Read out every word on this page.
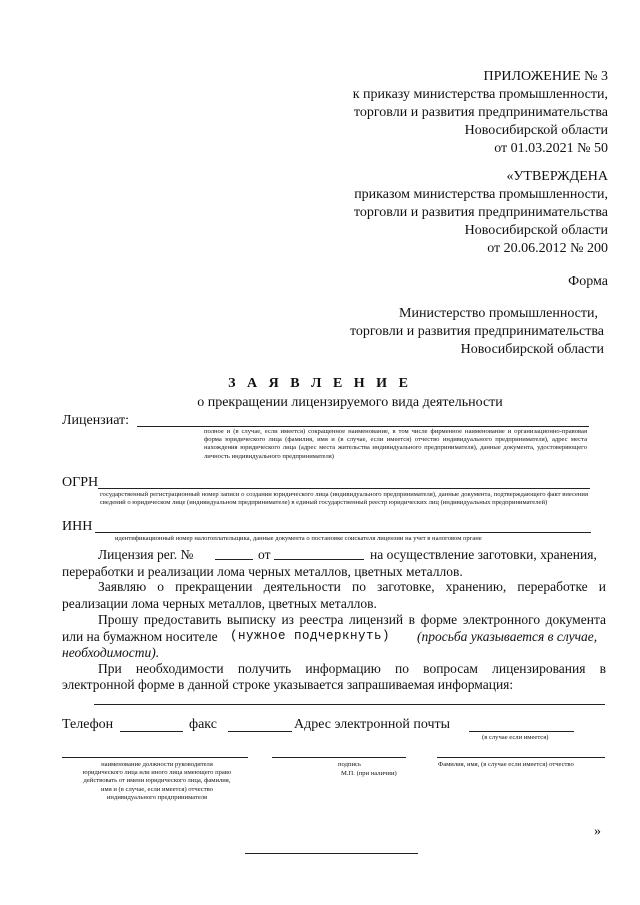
ПРИЛОЖЕНИЕ № 3
к приказу министерства промышленности,
торговли и развития предпринимательства
Новосибирской области
от 01.03.2021 № 50
«УТВЕРЖДЕНА
приказом министерства промышленности,
торговли и развития предпринимательства
Новосибирской области
от 20.06.2012 № 200
Форма
Министерство промышленности,
торговли и развития предпринимательства
Новосибирской области
З А Я В Л Е Н И Е
о прекращении лицензируемого вида деятельности
Лицензиат:
полное и (в случае, если имеется) сокращенное наименование, в том числе фирменное наименование и организационно-правовая форма юридического лица (фамилия, имя и (в случае, если имеется) отчество индивидуального предпринимателя), адрес места нахождения юридического лица (адрес места жительства индивидуального предпринимателя), данные документа, удостоверяющего личность индивидуального предпринимателя)
ОГРН
государственный регистрационный номер записи о создании юридического лица (индивидуального предпринимателя), данные документа, подтверждающего факт внесения сведений о юридическом лице (индивидуальном предпринимателе) в единый государственный реестр юридических лиц (индивидуальных предпринимателей)
ИНН
идентификационный номер налогоплательщика, данные документа о постановке соискателя лицензии на учет в налоговом органе
Лицензия рег. №	от	на осуществление заготовки, хранения,
переработки и реализации лома черных металлов, цветных металлов.
Заявляю о прекращении деятельности по заготовке, хранению, переработке и
реализации лома черных металлов, цветных металлов.
Прошу предоставить выписку из реестра лицензий в форме электронного документа
или на бумажном носителе (нужное подчеркнуть) (просьба указывается в случае,
необходимости).
При необходимости получить информацию по вопросам лицензирования в
электронной форме в данной строке указывается запрашиваемая информация:
Телефон	факс	Адрес электронной почты
(в случае если имеется)
наименование должности руководителя юридического лица или иного лица имеющего право действовать от имени юридического лица, фамилия, имя и (в случае, если имеется) отчество индивидуального предпринимателя
подпись
М.П. (при наличии)
Фамилия, имя, (в случае если имеется) отчество
»
